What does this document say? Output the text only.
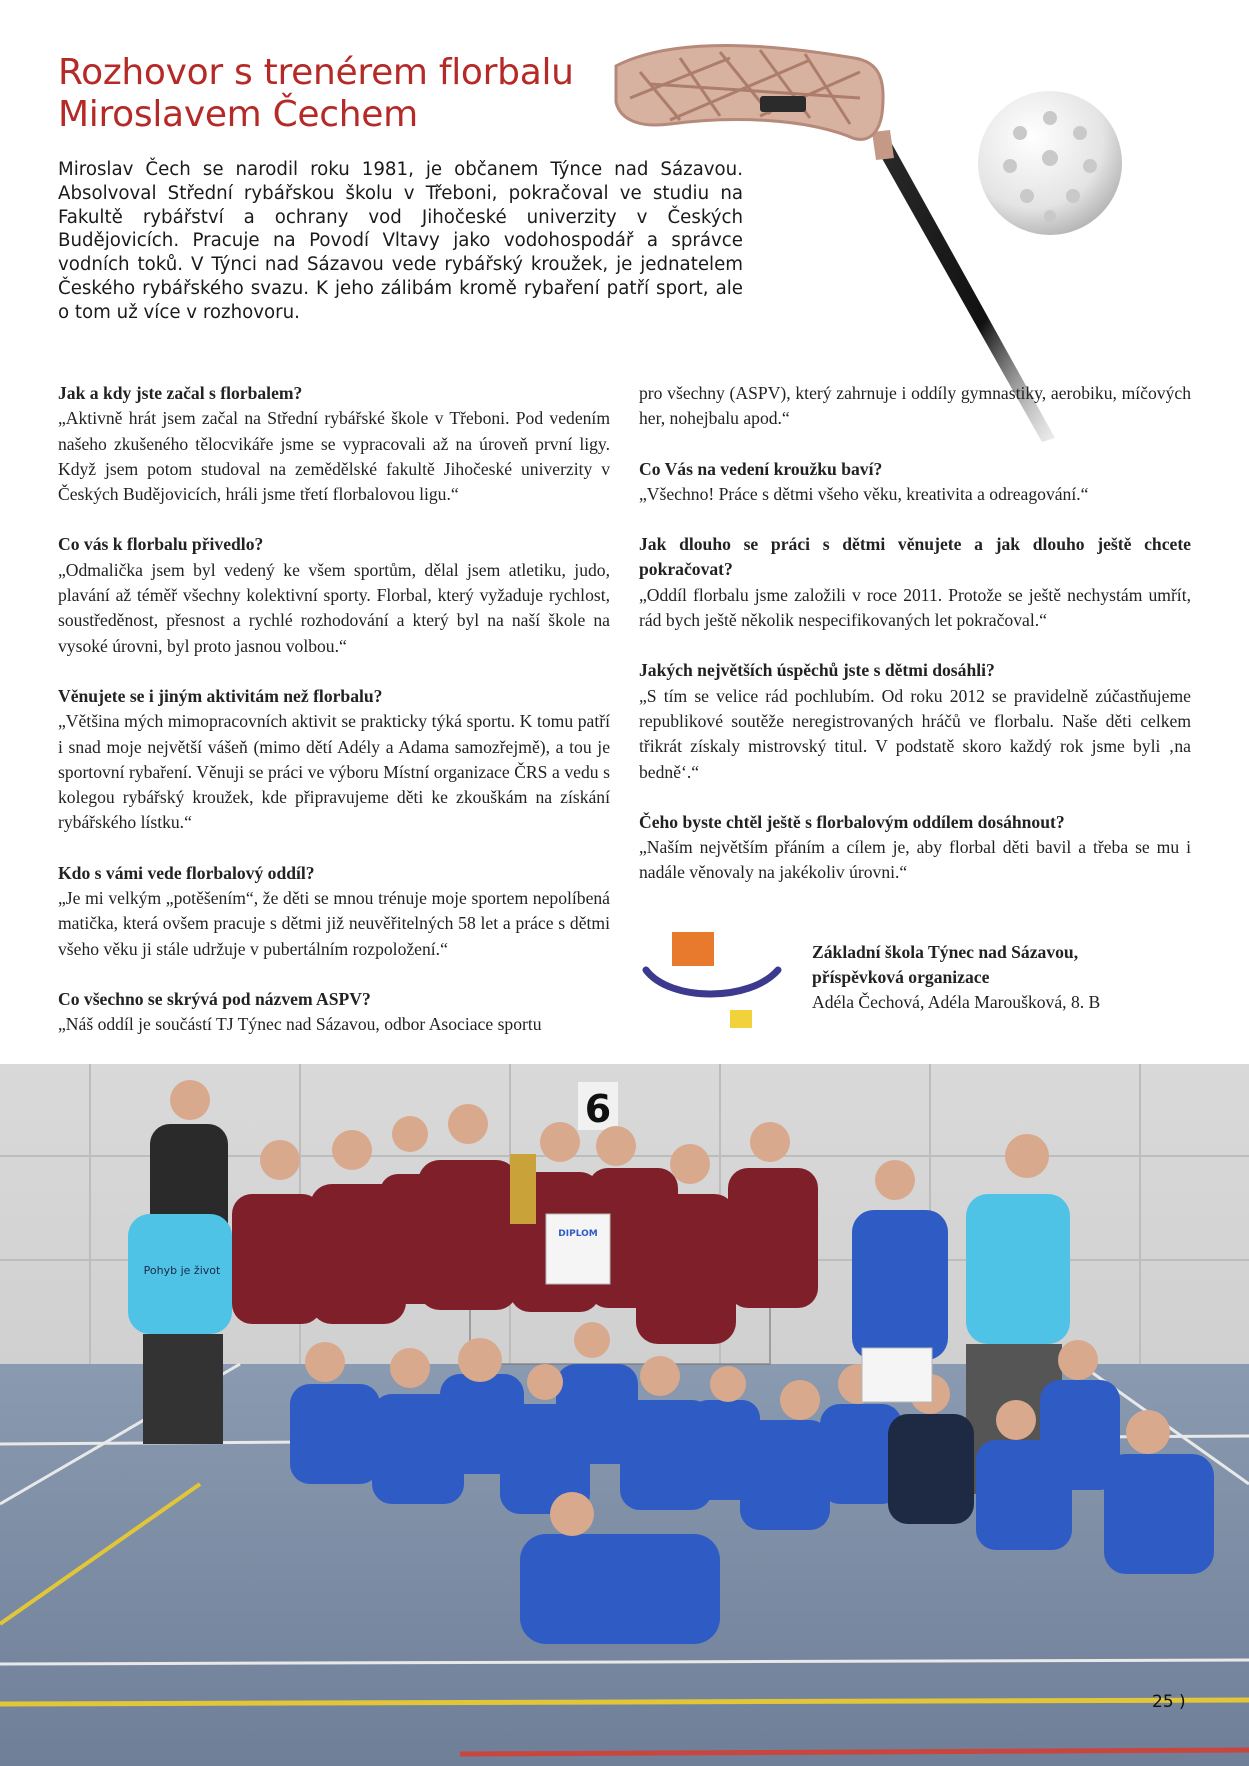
Rozhovor s trenérem florbalu
Miroslavem Čechem

Miroslav Čech se narodil roku 1981, je občanem Týnce nad Sázavou. Absolvoval Střední rybářskou školu v Třeboni, pokračoval ve studiu na Fakultě rybářství a ochrany vod Jihočeské univerzity v Českých Budějovicích. Pracuje na Povodí Vltavy jako vodohospodář a správce vodních toků. V Týnci nad Sázavou vede rybářský kroužek, je jednatelem Českého rybářského svazu. K jeho zálibám kromě rybaření patří sport, ale o tom už více v rozhovoru.

Jak a kdy jste začal s florbalem?

„Aktivně hrát jsem začal na Střední rybářské škole v Třeboni. Pod vedením našeho zkušeného tělocvikáře jsme se vypracovali až na úroveň první ligy. Když jsem potom studoval na zemědělské fakultě Jihočeské univerzity v Českých Budějovicích, hráli jsme třetí florbalovou ligu.“

Co vás k florbalu přivedlo?

„Odmalička jsem byl vedený ke všem sportům, dělal jsem atletiku, judo, plavání až téměř všechny kolektivní sporty. Florbal, který vyžaduje rychlost, soustředěnost, přesnost a rychlé rozhodování a který byl na naší škole na vysoké úrovni, byl proto jasnou volbou.“

Věnujete se i jiným aktivitám než florbalu?

„Většina mých mimopracovních aktivit se prakticky týká sportu. K tomu patří i snad moje největší vášeň (mimo dětí Adély a Adama samozřejmě), a tou je sportovní rybaření. Věnuji se práci ve výboru Místní organizace ČRS a vedu s kolegou rybářský kroužek, kde připravujeme děti ke zkouškám na získání rybářského lístku.“

Kdo s vámi vede florbalový oddíl?

„Je mi velkým „potěšením“, že děti se mnou trénuje moje sportem nepolíbená matička, která ovšem pracuje s dětmi již neuvěřitelných 58 let a práce s dětmi všeho věku ji stále udržuje v pubertálním rozpoložení.“

Co všechno se skrývá pod názvem ASPV?

„Náš oddíl je součástí TJ Týnec nad Sázavou, odbor Asociace sportu

pro všechny (ASPV), který zahrnuje i oddíly gymnastiky, aerobiku, míčových her, nohejbalu apod.“

Co Vás na vedení kroužku baví?

„Všechno! Práce s dětmi všeho věku, kreativita a odreagování.“

Jak dlouho se práci s dětmi věnujete a jak dlouho ještě chcete pokračovat?

„Oddíl florbalu jsme založili v roce 2011. Protože se ještě nechystám umřít, rád bych ještě několik nespecifikovaných let pokračoval.“

Jakých největších úspěchů jste s dětmi dosáhli?

„S tím se velice rád pochlubím. Od roku 2012 se pravidelně zúčastňujeme republikové soutěže neregistrovaných hráčů ve florbalu. Naše děti celkem třikrát získaly mistrovský titul. V podstatě skoro každý rok jsme byli ‚na bedně‘.“

Čeho byste chtěl ještě s florbalovým oddílem dosáhnout?

„Naším největším přáním a cílem je, aby florbal děti bavil a třeba se mu i nadále věnovaly na jakékoliv úrovni.“

Základní škola Týnec nad Sázavou,
příspěvková organizace
Adéla Čechová, Adéla Maroušková, 8. B
6
Pohyb je život
DIPLOM
25 )
